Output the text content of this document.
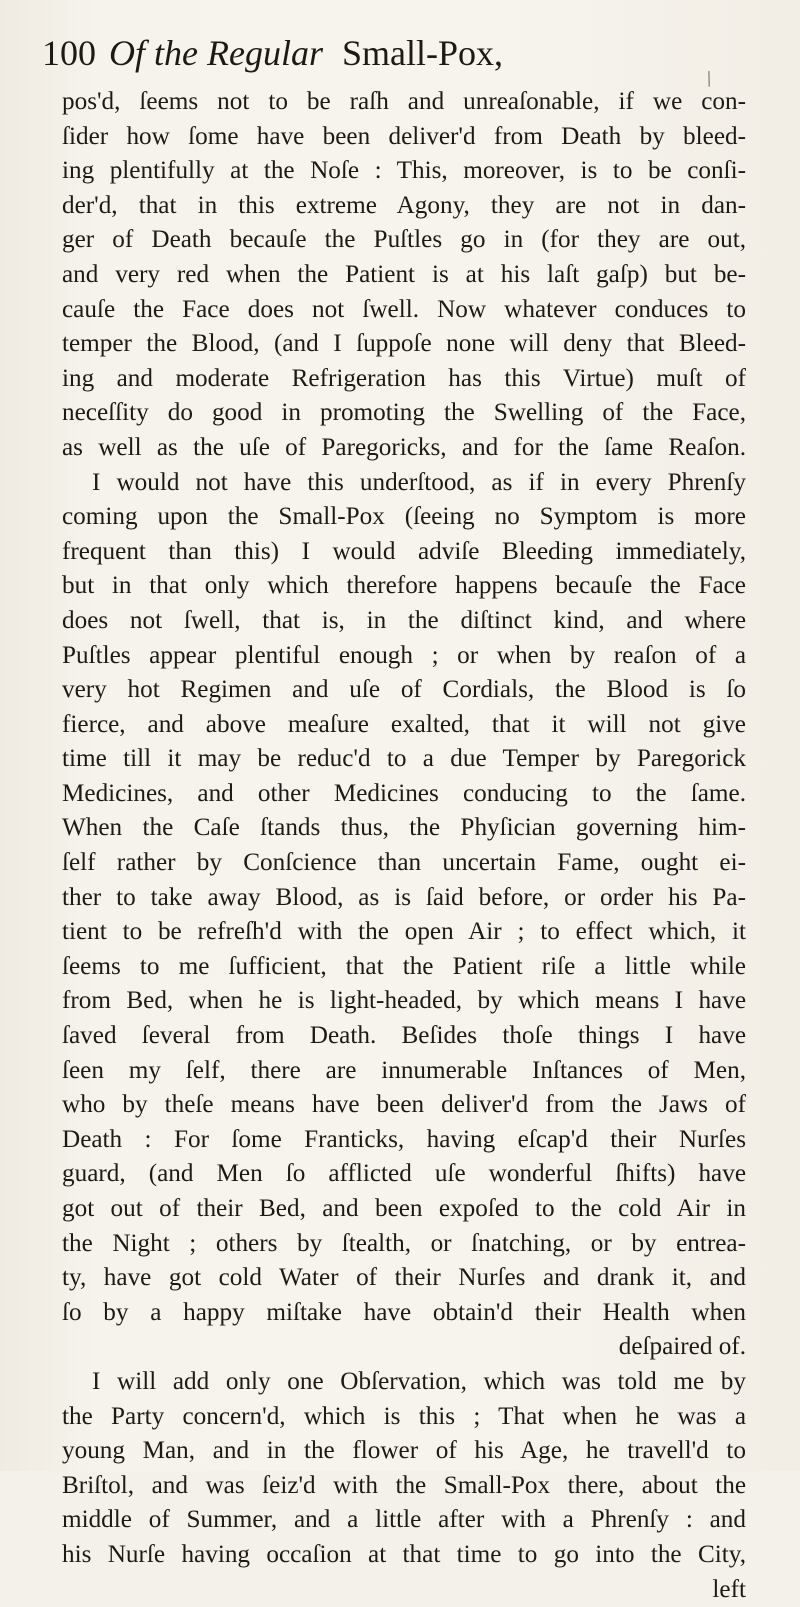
100 Of the Regular Small-Pox,
/
pos'd, ſeems not to be raſh and unreaſonable, if we con-
ſider how ſome have been deliver'd from Death by bleed-
ing plentifully at the Noſe : This, moreover, is to be conſi-
der'd, that in this extreme Agony, they are not in dan-
ger of Death becauſe the Puſtles go in (for they are out,
and very red when the Patient is at his laſt gaſp) but be-
cauſe the Face does not ſwell. Now whatever conduces to
temper the Blood, (and I ſuppoſe none will deny that Bleed-
ing and moderate Refrigeration has this Virtue) muſt of
neceſſity do good in promoting the Swelling of the Face,
as well as the uſe of Paregoricks, and for the ſame Reaſon.
I would not have this underſtood, as if in every Phrenſy
coming upon the Small-Pox (ſeeing no Symptom is more
frequent than this) I would adviſe Bleeding immediately,
but in that only which therefore happens becauſe the Face
does not ſwell, that is, in the diſtinct kind, and where
Puſtles appear plentiful enough ; or when by reaſon of a
very hot Regimen and uſe of Cordials, the Blood is ſo
fierce, and above meaſure exalted, that it will not give
time till it may be reduc'd to a due Temper by Paregorick
Medicines, and other Medicines conducing to the ſame.
When the Caſe ſtands thus, the Phyſician governing him-
ſelf rather by Conſcience than uncertain Fame, ought ei-
ther to take away Blood, as is ſaid before, or order his Pa-
tient to be refreſh'd with the open Air ; to effect which, it
ſeems to me ſufficient, that the Patient riſe a little while
from Bed, when he is light-headed, by which means I have
ſaved ſeveral from Death. Beſides thoſe things I have
ſeen my ſelf, there are innumerable Inſtances of Men,
who by theſe means have been deliver'd from the Jaws of
Death : For ſome Franticks, having eſcap'd their Nurſes
guard, (and Men ſo afflicted uſe wonderful ſhifts) have
got out of their Bed, and been expoſed to the cold Air in
the Night ; others by ſtealth, or ſnatching, or by entrea-
ty, have got cold Water of their Nurſes and drank it, and
ſo by a happy miſtake have obtain'd their Health when
deſpaired of.
I will add only one Obſervation, which was told me by
the Party concern'd, which is this ; That when he was a
young Man, and in the flower of his Age, he travell'd to
Briſtol, and was ſeiz'd with the Small-Pox there, about the
middle of Summer, and a little after with a Phrenſy : and
his Nurſe having occaſion at that time to go into the City,
left
